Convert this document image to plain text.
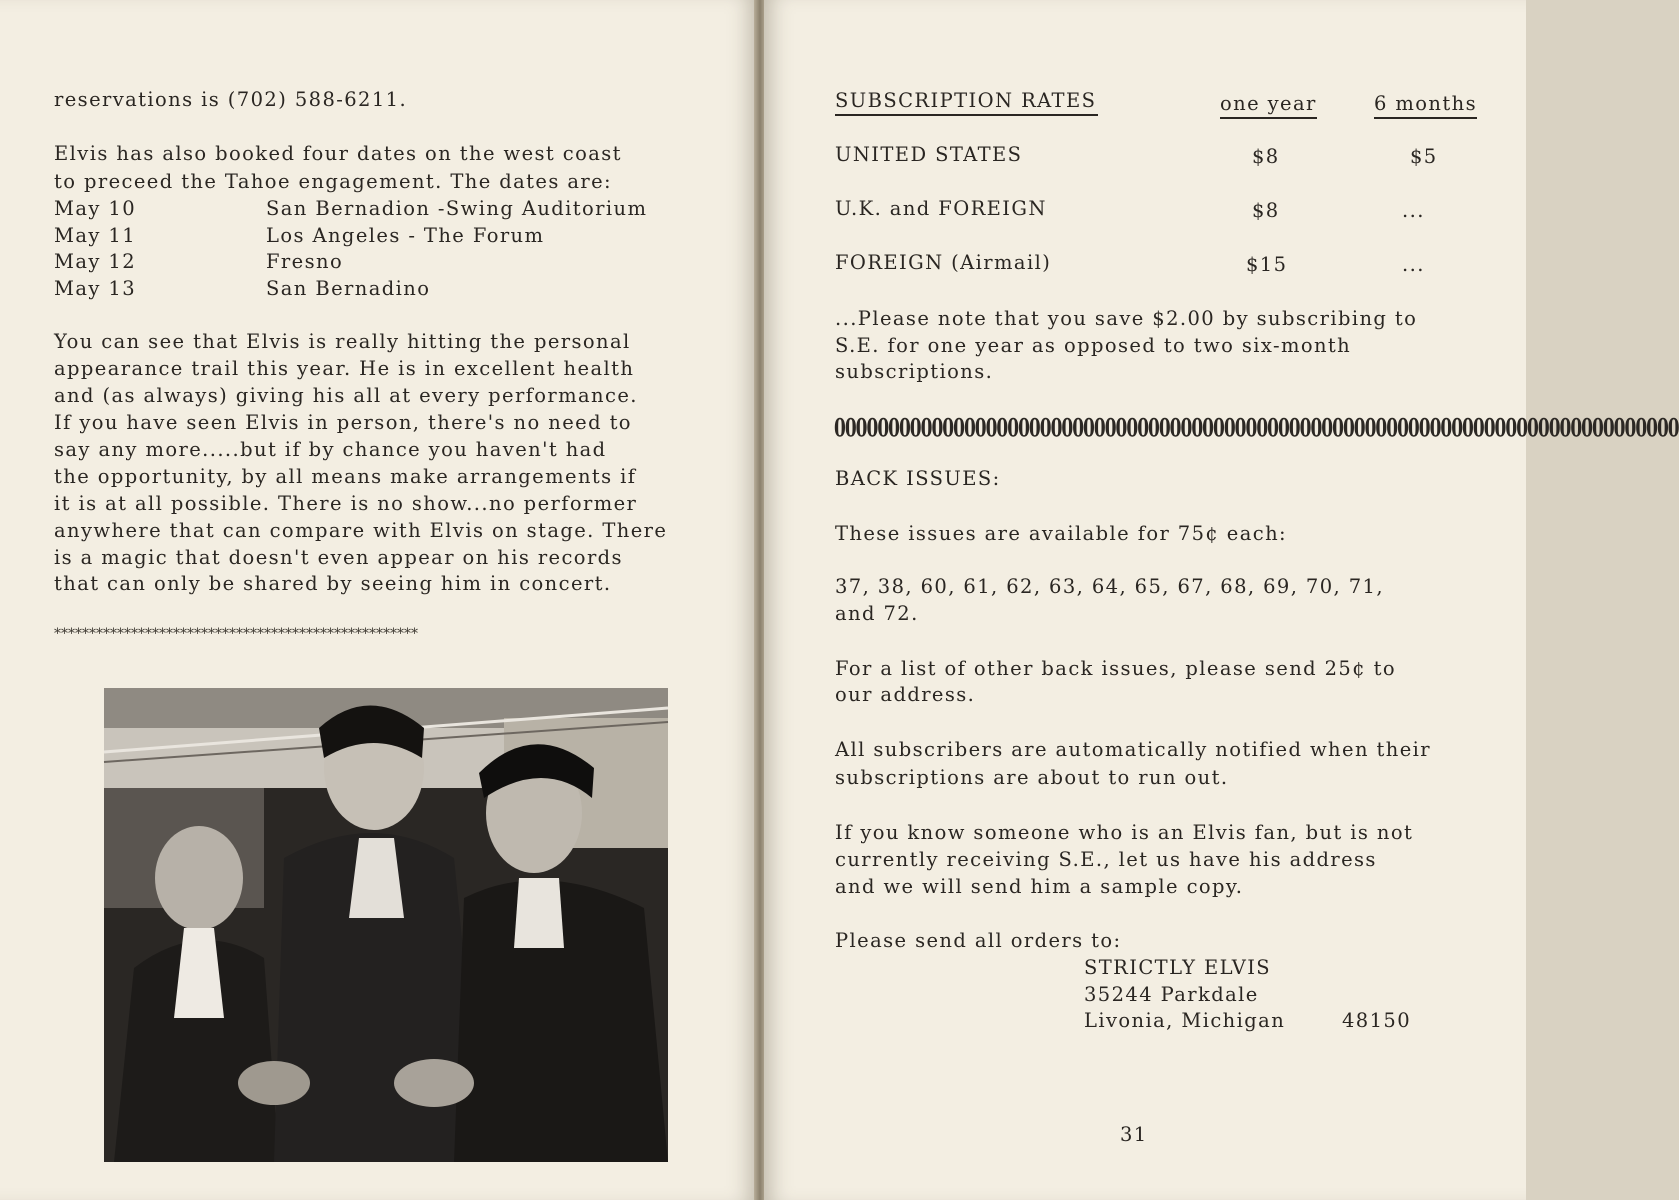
reservations is (702) 588-6211.
Elvis has also booked four dates on the west coast
to preceed the Tahoe engagement. The dates are:
May 10	San Bernadion -Swing Auditorium
May 11	Los Angeles - The Forum
May 12	Fresno
May 13	San Bernadino
You can see that Elvis is really hitting the personal
appearance trail this year. He is in excellent health
and (as always) giving his all at every performance.
If you have seen Elvis in person, there's no need to
say any more.....but if by chance you haven't had
the opportunity, by all means make arrangements if
it is at all possible. There is no show...no performer
anywhere that can compare with Elvis on stage. There
is a magic that doesn't even appear on his records
that can only be shared by seeing him in concert.
****************************************************
SUBSCRIPTION RATES	one year	6 months
UNITED STATES	$8	$5
U.K. and FOREIGN	$8	...
FOREIGN (Airmail)	$15	...
...Please note that you save $2.00 by subscribing to
S.E. for one year as opposed to two six-month
subscriptions.
000000000000000000000000000000000000000000000000000000000000000000000000000000
BACK ISSUES:
These issues are available for 75¢ each:
37, 38, 60, 61, 62, 63, 64, 65, 67, 68, 69, 70, 71,
and 72.
For a list of other back issues, please send 25¢ to
our address.
All subscribers are automatically notified when their
subscriptions are about to run out.
If you know someone who is an Elvis fan, but is not
currently receiving S.E., let us have his address
and we will send him a sample copy.
Please send all orders to:
STRICTLY ELVIS
35244 Parkdale
Livonia, Michigan	48150
31
